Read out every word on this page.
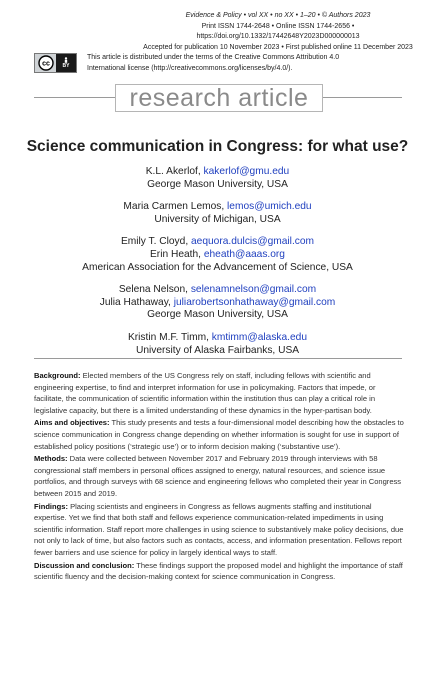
Evidence & Policy • vol XX • no XX • 1–20 • © Authors 2023
Print ISSN 1744-2648 • Online ISSN 1744-2656 • https://doi.org/10.1332/17442648Y2023D000000013
Accepted for publication 10 November 2023 • First published online 11 December 2023
cc	BY
This article is distributed under the terms of the Creative Commons Attribution 4.0
International license (http://creativecommons.org/licenses/by/4.0/).
research article
Science communication in Congress: for what use?
K.L. Akerlof, kakerlof@gmu.edu
George Mason University, USA
Maria Carmen Lemos, lemos@umich.edu
University of Michigan, USA
Emily T. Cloyd, aequora.dulcis@gmail.com
Erin Heath, eheath@aaas.org
American Association for the Advancement of Science, USA
Selena Nelson, selenamnelson@gmail.com
Julia Hathaway, juliarobertsonhathaway@gmail.com
George Mason University, USA
Kristin M.F. Timm, kmtimm@alaska.edu
University of Alaska Fairbanks, USA

Background: Elected members of the US Congress rely on staff, including fellows with scientific and engineering expertise, to find and interpret information for use in policymaking. Factors that impede, or facilitate, the communication of scientific information within the institution thus can play a critical role in legislative capacity, but there is a limited understanding of these dynamics in the hyper-partisan body.

Aims and objectives: This study presents and tests a four-dimensional model describing how the obstacles to science communication in Congress change depending on whether information is sought for use in support of established policy positions (‘strategic use’) or to inform decision making (‘substantive use’).

Methods: Data were collected between November 2017 and February 2019 through interviews with 58 congressional staff members in personal offices assigned to energy, natural resources, and science issue portfolios, and through surveys with 68 science and engineering fellows who completed their year in Congress between 2015 and 2019.

Findings: Placing scientists and engineers in Congress as fellows augments staffing and institutional expertise. Yet we find that both staff and fellows experience communication-related impediments in using scientific information. Staff report more challenges in using science to substantively make policy decisions, due not only to lack of time, but also factors such as contacts, access, and information presentation. Fellows report fewer barriers and use science for policy in largely identical ways to staff.

Discussion and conclusion: These findings support the proposed model and highlight the importance of staff scientific fluency and the decision-making context for science communication in Congress.
